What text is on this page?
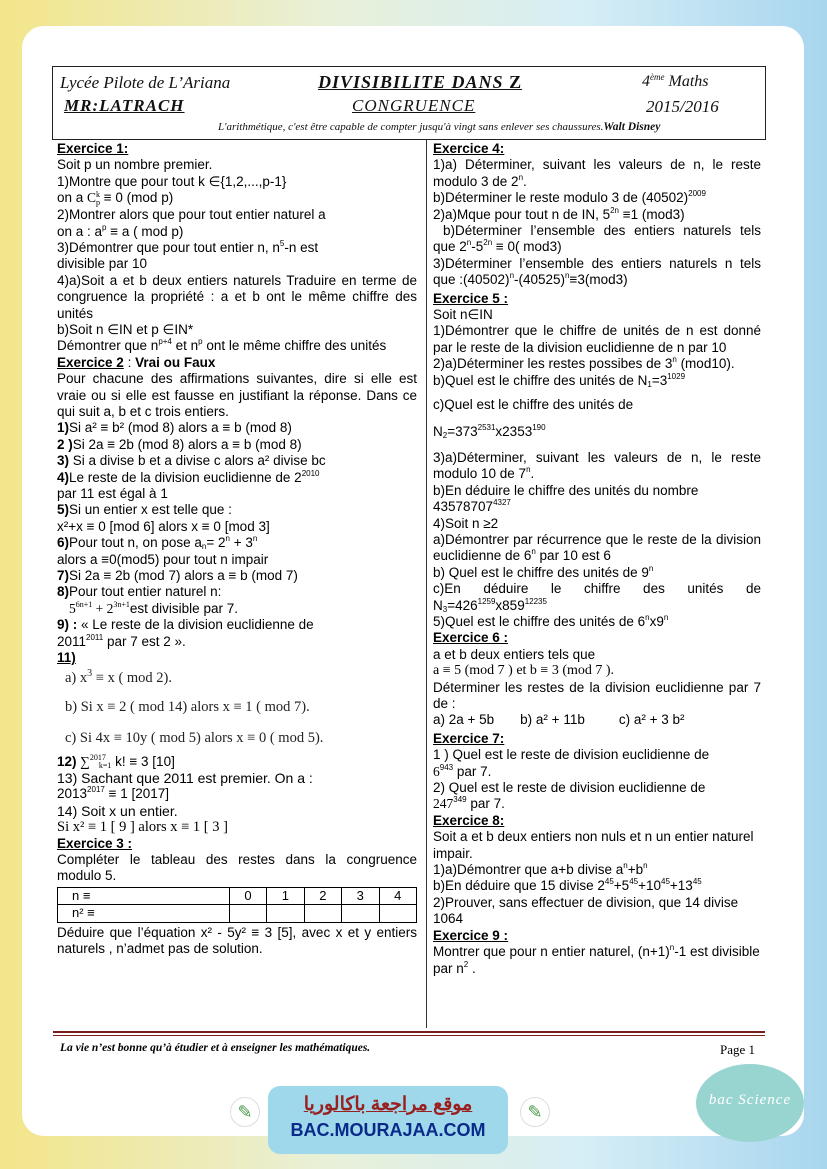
Lycée Pilote de L’Ariana
MR:LATRACH
DIVISIBILITE DANS Z
CONGRUENCE
4ème Maths
2015/2016
L'arithmétique, c'est être capable de compter jusqu'à vingt sans enlever ses chaussures.Walt Disney

Exercice 1:

Soit p un nombre premier.

1)Montre que pour tout k ∈{1,2,...,p-1}

on a C k
p ≡ 0 (mod p)

2)Montrer alors que pour tout entier naturel a

on a : $a^p \equiv a$ ( mod p)

3)Démontrer que pour tout entier n, $n^5-n$ est

divisible par 10

4)a)Soit a et b deux entiers naturels Traduire en terme de congruence la propriété : a et b ont le même chiffre des unités

b)Soit n ∈IN et p ∈IN*

Démontrer que $n^{p+4}$ et $n^p$ ont le même chiffre des unités

Exercice 2 : Vrai ou Faux

Pour chacune des affirmations suivantes, dire si elle est vraie ou si elle est fausse en justifiant la réponse. Dans ce qui suit a, b et c trois entiers.

1)Si a² ≡ b² (mod 8) alors a ≡ b (mod 8)

2 )Si 2a ≡ 2b (mod 8) alors a ≡ b (mod 8)

3) Si a divise b et a divise c alors a² divise bc

4)Le reste de la division euclidienne de $2^{2010}$

par 11 est égal à 1

5)Si un entier x est telle que :

x²+x ≡ 0 [mod 6] alors x ≡ 0 [mod 3]

6)Pour tout n, on pose $a_n= 2^n + 3^n$

alors a ≡0(mod5) pour tout n impair

7)Si 2a ≡ 2b (mod 7) alors a ≡ b (mod 7)

8)Pour tout entier naturel n:

$5^{6n+1} + 2^{3n+1}est$ divisible par 7.

9) : « Le reste de la division euclidienne de

$2011^{2011}$ par 7 est 2 ».

11)

a) $x^3 \equiv x$ ( mod 2).

b) Si x ≡ 2 ( mod 14) alors x ≡ 1 ( mod 7).

c) Si 4x ≡ 10y ( mod 5) alors x ≡ 0 ( mod 5).

12) ∑$^{2017}_{k=1}$ k! ≡ 3 [10]

13) Sachant que 2011 est premier. On a :

$2013^{2017} \equiv 1$ [2017]

14) Soit x un entier.

Si x² ≡ 1 [ 9 ] alors x ≡ 1 [ 3 ]

Exercice 3 :

Compléter le tableau des restes dans la congruence modulo 5.

n ≡	0	1	2	3	4
n² ≡					

Déduire que l’équation x² - 5y² ≡ 3 [5], avec x et y entiers naturels , n’admet pas de solution.

Exercice 4:

1)a) Déterminer, suivant les valeurs de n, le reste modulo 3 de 2$^n$.

b)Déterminer le reste modulo 3 de $(40502)^{2009}$

2)a)Mque pour tout n de IN, $5^{2n} \equiv 1$ (mod3)

b)Déterminer l’ensemble des entiers naturels tels que $2^n-5^{2n} \equiv 0$( mod3)

3)Déterminer l’ensemble des entiers naturels n tels que $:(40502)^n-(40525)^n\equiv 3(mod3)$

Exercice 5 :

Soit n∈IN

1)Démontrer que le chiffre de unités de n est donné par le reste de la division euclidienne de n par 10

2)a)Déterminer les restes possibes de 3$^n$ (mod10).

b)Quel est le chiffre des unités de $N_1=3^{1029}$

c)Quel est le chiffre des unités de

$N_2=373^{2531}x2353^{190}$

3)a)Déterminer, suivant les valeurs de n, le reste modulo 10 de 7$^n$.

b)En déduire le chiffre des unités du nombre

$43578707^{4327}$

4)Soit n ≥2

a)Démontrer par récurrence que le reste de la division euclidienne de 6$^n$ par 10 est 6

b) Quel est le chiffre des unités de 9$^n$

c)En déduire le chiffre des unités de $N_3=426^{1259}x859^{12235}$

5)Quel est le chiffre des unités de 6$^n$x9$^n$

Exercice 6 :

a et b deux entiers tels que

a ≡ 5 (mod 7 ) et b ≡ 3 (mod 7 ).

Déterminer les restes de la division euclidienne par 7 de :

a) 2a + 5b b) a² + 11b	c) a² + 3 b²

Exercice 7:

1 ) Quel est le reste de division euclidienne de

$6^{943}$ par 7.

2) Quel est le reste de division euclidienne de

$247^{349}$ par 7.

Exercice 8:

Soit a et b deux entiers non nuls et n un entier naturel impair.

1)a)Démontrer que a+b divise $a^n+b^n$

b)En déduire que 15 divise $2^{45}+5^{45}+10^{45}+13^{45}$

2)Prouver, sans effectuer de division, que 14 divise 1064

Exercice 9 :

Montrer que pour n entier naturel, $(n+1)^n-1$ est divisible par $n^2$ .

La vie n’est bonne qu’à étudier et à enseigner les mathématiques.	Page 1
✎	موقع مراجعة باكالوريا
BAC.MOURAJAA.COM
✎
bac Science
